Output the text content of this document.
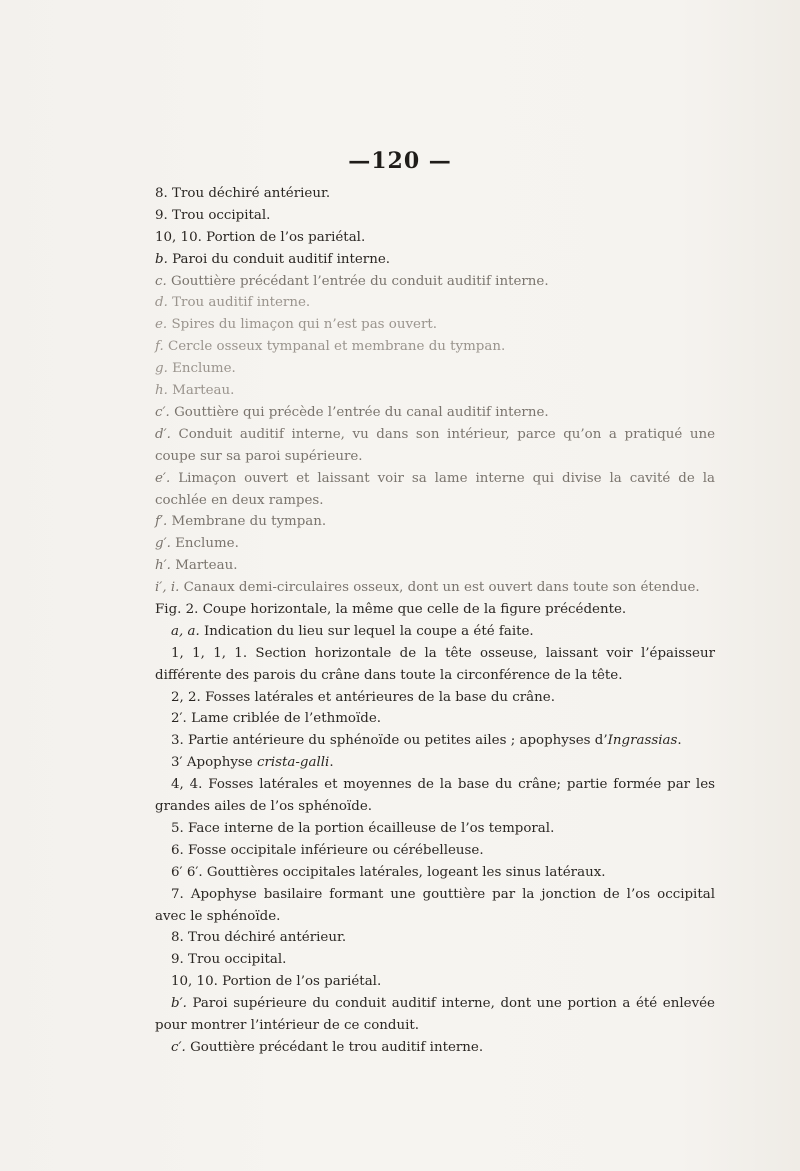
—120 —
8. Trou déchiré antérieur.
9. Trou occipital.
10, 10. Portion de l’os pariétal.
b. Paroi du conduit auditif interne.
c. Gouttière précédant l’entrée du conduit auditif interne.
d. Trou auditif interne.
e. Spires du limaçon qui n’est pas ouvert.
f. Cercle osseux tympanal et membrane du tympan.
g. Enclume.
h. Marteau.
c′. Gouttière qui précède l’entrée du canal auditif interne.
d′. Conduit auditif interne, vu dans son intérieur, parce qu’on a pratiqué une coupe sur sa paroi supérieure.
e′. Limaçon ouvert et laissant voir sa lame interne qui divise la cavité de la cochlée en deux rampes.
f′. Membrane du tympan.
g′. Enclume.
h′. Marteau.
i′, i. Canaux demi-circulaires osseux, dont un est ouvert dans toute son étendue.
Fig. 2. Coupe horizontale, la même que celle de la figure précédente.
a, a. Indication du lieu sur lequel la coupe a été faite.
1, 1, 1, 1. Section horizontale de la tête osseuse, laissant voir l’épaisseur différente des parois du crâne dans toute la circonférence de la tête.
2, 2. Fosses latérales et antérieures de la base du crâne.
2′. Lame criblée de l’ethmoïde.
3. Partie antérieure du sphénoïde ou petites ailes ; apophyses d’Ingrassias.
3′ Apophyse crista-galli.
4, 4. Fosses latérales et moyennes de la base du crâne; partie formée par les grandes ailes de l’os sphénoïde.
5. Face interne de la portion écailleuse de l’os temporal.
6. Fosse occipitale inférieure ou cérébelleuse.
6′ 6′. Gouttières occipitales latérales, logeant les sinus latéraux.
7. Apophyse basilaire formant une gouttière par la jonction de l’os occipital avec le sphénoïde.
8. Trou déchiré antérieur.
9. Trou occipital.
10, 10. Portion de l’os pariétal.
b′. Paroi supérieure du conduit auditif interne, dont une portion a été enlevée pour montrer l’intérieur de ce conduit.
c′. Gouttière précédant le trou auditif interne.
